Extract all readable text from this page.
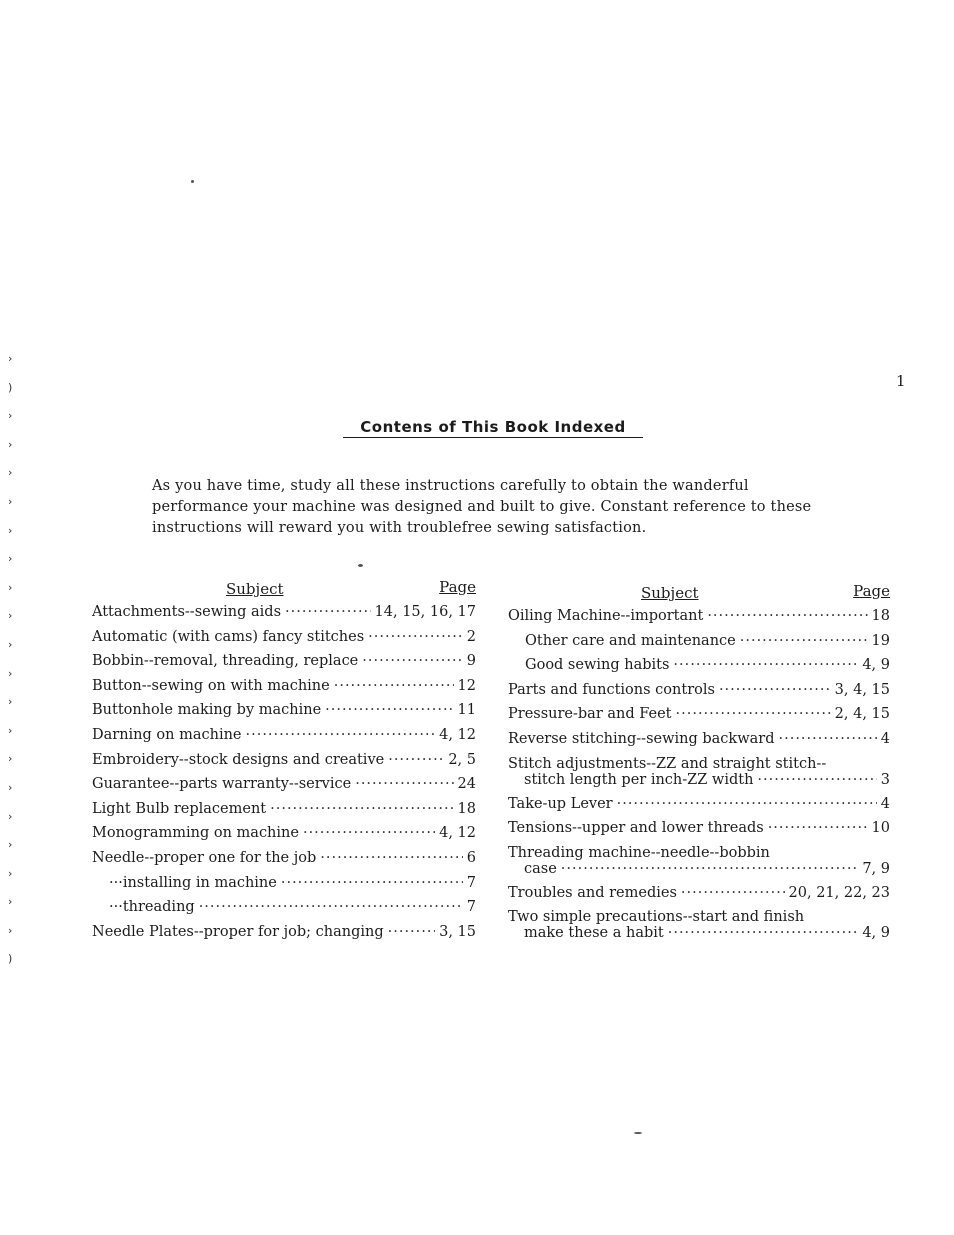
1
Contens of This Book Indexed
As you have time, study all these instructions carefully to obtain the wanderful performance your machine was designed and built to give. Constant reference to these instructions will reward you with troublefree sewing satisfaction.
Subject	Page
Attachments--sewing aids ·····	14, 15, 16, 17
Automatic (with cams) fancy stitches ·····	2
Bobbin--removal, threading, replace ·····	9
Button--sewing on with machine ·····	12
Buttonhole making by machine ·····	11
Darning on machine ·····	4, 12
Embroidery--stock designs and creative ·····	2, 5
Guarantee--parts warranty--service ·····	24
Light Bulb replacement ·····	18
Monogramming on machine ·····	4, 12
Needle--proper one for the job ·····	6
···installing in machine ·····	7
···threading ·····	7
Needle Plates--proper for job; changing ·····	3, 15
Subject	Page
Oiling Machine--important ·····	18
Other care and maintenance ·····	19
Good sewing habits ·····	4, 9
Parts and functions controls ·····	3, 4, 15
Pressure-bar and Feet ·····	2, 4, 15
Reverse stitching--sewing backward ·····	4
Stitch adjustments--ZZ and straight stitch--
stitch length per inch-ZZ width ·····	3
Take-up Lever ·····	4
Tensions--upper and lower threads ·····	10
Threading machine--needle--bobbin
case ·····	7, 9
Troubles and remedies ·····	20, 21, 22, 23
Two simple precautions--start and finish
make these a habit ·····	4, 9
›
)
›
›
›
›
›
›
›
›
›
›
›
›
›
›
›
›
›
›
›
)
